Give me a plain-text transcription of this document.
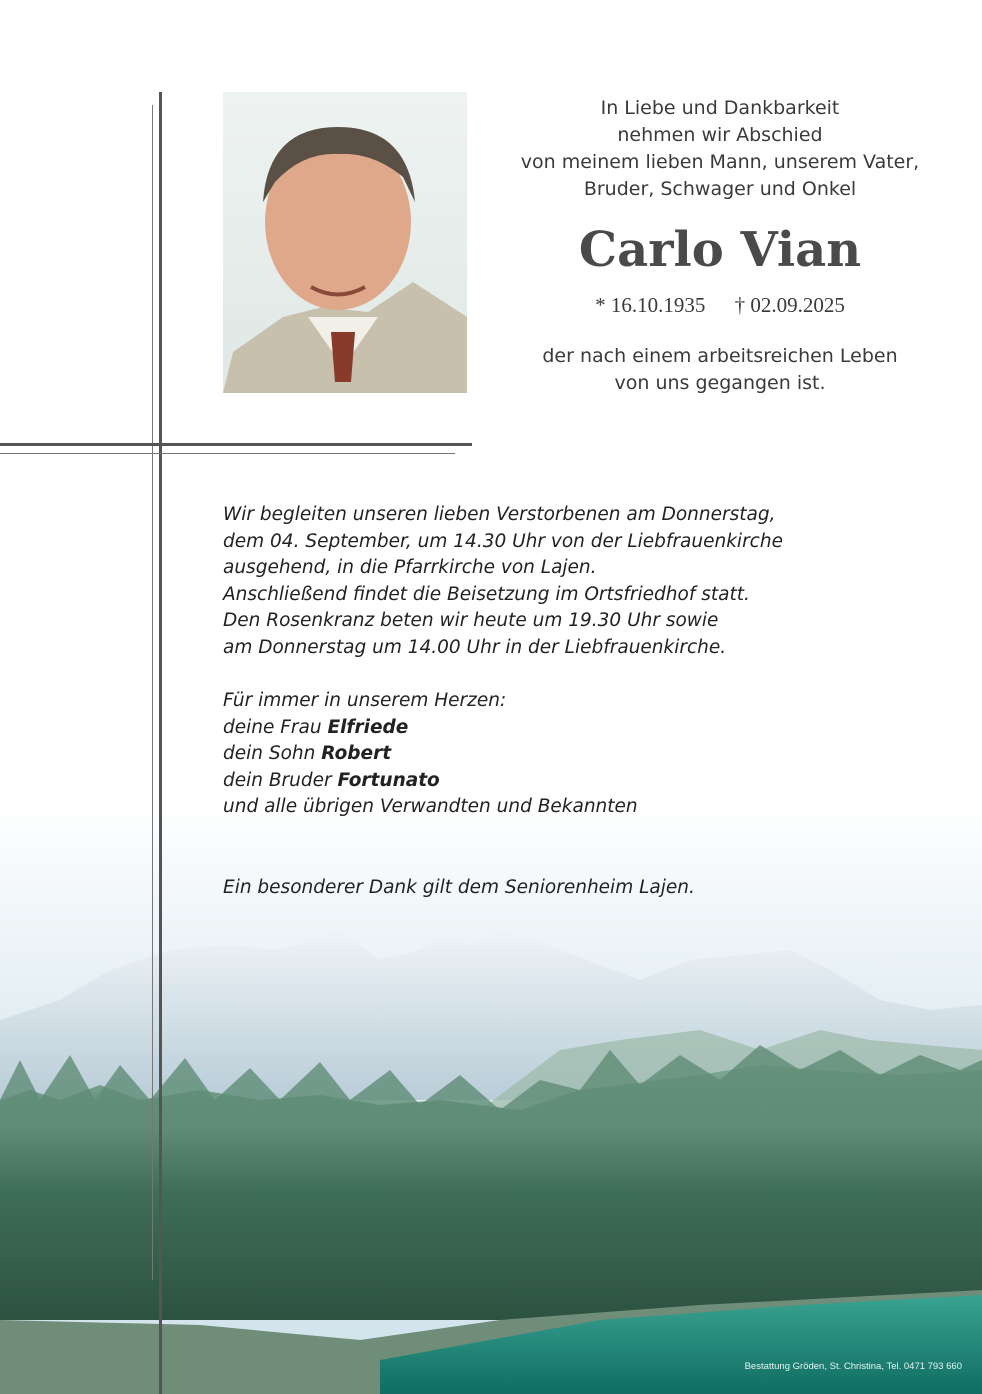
In Liebe und Dankbarkeit
nehmen wir Abschied
von meinem lieben Mann, unserem Vater,
Bruder, Schwager und Onkel
Carlo Vian
* 16.10.1935 † 02.09.2025
der nach einem arbeitsreichen Leben
von uns gegangen ist.
Wir begleiten unseren lieben Verstorbenen am Donnerstag,
dem 04. September, um 14.30 Uhr von der Liebfrauenkirche
ausgehend, in die Pfarrkirche von Lajen.
Anschließend findet die Beisetzung im Ortsfriedhof statt.
Den Rosenkranz beten wir heute um 19.30 Uhr sowie
am Donnerstag um 14.00 Uhr in der Liebfrauenkirche.
Für immer in unserem Herzen:
deine Frau Elfriede
dein Sohn Robert
dein Bruder Fortunato
und alle übrigen Verwandten und Bekannten
Ein besonderer Dank gilt dem Seniorenheim Lajen.
Bestattung Gröden, St. Christina, Tel. 0471 793 660
